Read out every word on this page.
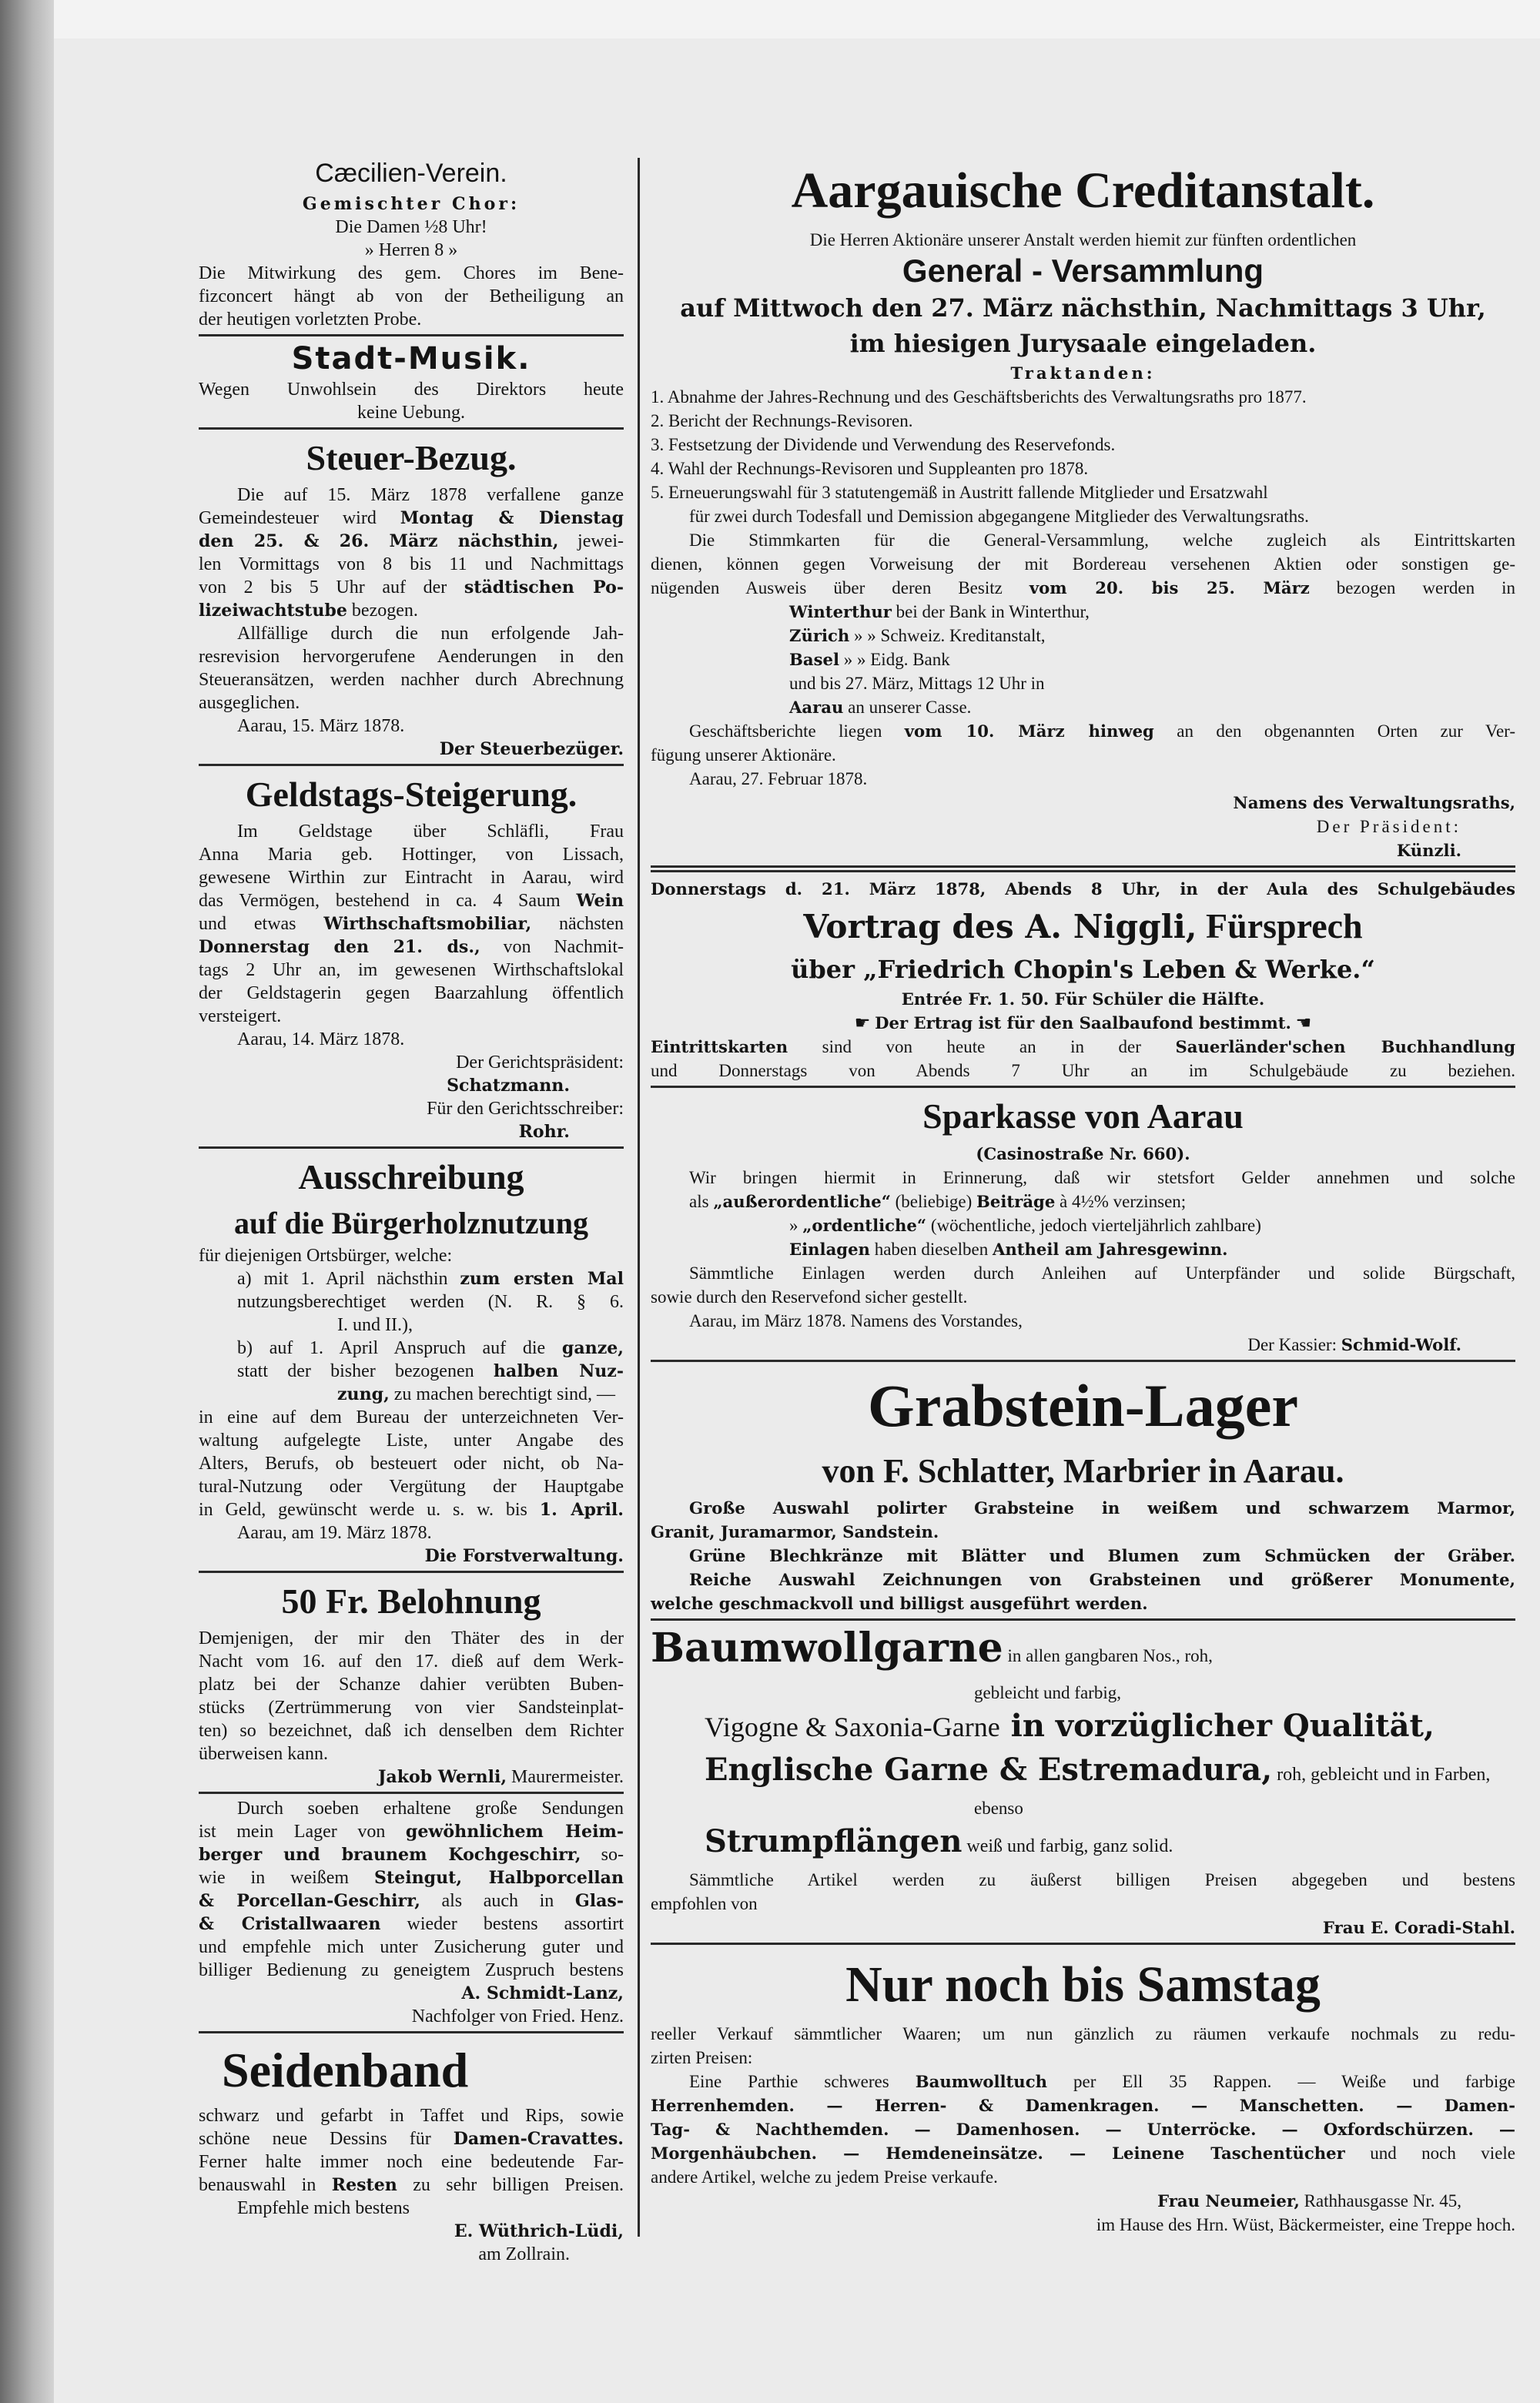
Cæcilien-Verein.
Gemischter Chor:
Die Damen ½8 Uhr!
» Herren 8 »
Die Mitwirkung des gem. Chores im Bene-
fizconcert hängt ab von der Betheiligung an
der heutigen vorletzten Probe.
Stadt-Musik.
Wegen Unwohlsein des Direktors heute
keine Uebung.
Steuer-Bezug.
Die auf 15. März 1878 verfallene ganze
Gemeindesteuer wird Montag & Dienstag
den 25. & 26. März nächsthin, jewei-
len Vormittags von 8 bis 11 und Nachmittags
von 2 bis 5 Uhr auf der städtischen Po-
lizeiwachtstube bezogen.
Allfällige durch die nun erfolgende Jah-
resrevision hervorgerufene Aenderungen in den
Steueransätzen, werden nachher durch Abrechnung
ausgeglichen.
Aarau, 15. März 1878.
Der Steuerbezüger.
Geldstags-Steigerung.
Im Geldstage über Schläfli, Frau
Anna Maria geb. Hottinger, von Lissach,
gewesene Wirthin zur Eintracht in Aarau, wird
das Vermögen, bestehend in ca. 4 Saum Wein
und etwas Wirthschaftsmobiliar, nächsten
Donnerstag den 21. ds., von Nachmit-
tags 2 Uhr an, im gewesenen Wirthschaftslokal
der Geldstagerin gegen Baarzahlung öffentlich
versteigert.
Aarau, 14. März 1878.
Der Gerichtspräsident:
Schatzmann.
Für den Gerichtsschreiber:
Rohr.
Ausschreibung
auf die Bürgerholznutzung
für diejenigen Ortsbürger, welche:
a) mit 1. April nächsthin zum ersten Mal
nutzungsberechtiget werden (N. R. § 6.
I. und II.),
b) auf 1. April Anspruch auf die ganze,
statt der bisher bezogenen halben Nuz-
zung, zu machen berechtigt sind, —
in eine auf dem Bureau der unterzeichneten Ver-
waltung aufgelegte Liste, unter Angabe des
Alters, Berufs, ob besteuert oder nicht, ob Na-
tural-Nutzung oder Vergütung der Hauptgabe
in Geld, gewünscht werde u. s. w. bis 1. April.
Aarau, am 19. März 1878.
Die Forstverwaltung.
50 Fr. Belohnung
Demjenigen, der mir den Thäter des in der
Nacht vom 16. auf den 17. dieß auf dem Werk-
platz bei der Schanze dahier verübten Buben-
stücks (Zertrümmerung von vier Sandsteinplat-
ten) so bezeichnet, daß ich denselben dem Richter
überweisen kann.
Jakob Wernli, Maurermeister.
Durch soeben erhaltene große Sendungen
ist mein Lager von gewöhnlichem Heim-
berger und braunem Kochgeschirr, so-
wie in weißem Steingut, Halbporcellan
& Porcellan-Geschirr, als auch in Glas-
& Cristallwaaren wieder bestens assortirt
und empfehle mich unter Zusicherung guter und
billiger Bedienung zu geneigtem Zuspruch bestens
A. Schmidt-Lanz,
Nachfolger von Fried. Henz.
Seidenband
schwarz und gefarbt in Taffet und Rips, sowie
schöne neue Dessins für Damen-Cravattes.
Ferner halte immer noch eine bedeutende Far-
benauswahl in Resten zu sehr billigen Preisen.
Empfehle mich bestens
E. Wüthrich-Lüdi,
am Zollrain.
Aargauische Creditanstalt.
Die Herren Aktionäre unserer Anstalt werden hiemit zur fünften ordentlichen
General - Versammlung
auf Mittwoch den 27. März nächsthin, Nachmittags 3 Uhr,
im hiesigen Jurysaale eingeladen.
Traktanden:
1. Abnahme der Jahres-Rechnung und des Geschäftsberichts des Verwaltungsraths pro 1877.
2. Bericht der Rechnungs-Revisoren.
3. Festsetzung der Dividende und Verwendung des Reservefonds.
4. Wahl der Rechnungs-Revisoren und Suppleanten pro 1878.
5. Erneuerungswahl für 3 statutengemäß in Austritt fallende Mitglieder und Ersatzwahl
für zwei durch Todesfall und Demission abgegangene Mitglieder des Verwaltungsraths.
Die Stimmkarten für die General-Versammlung, welche zugleich als Eintrittskarten
dienen, können gegen Vorweisung der mit Bordereau versehenen Aktien oder sonstigen ge-
nügenden Ausweis über deren Besitz vom 20. bis 25. März bezogen werden in
Winterthur bei der Bank in Winterthur,
Zürich » » Schweiz. Kreditanstalt,
Basel » » Eidg. Bank
und bis 27. März, Mittags 12 Uhr in
Aarau an unserer Casse.
Geschäftsberichte liegen vom 10. März hinweg an den obgenannten Orten zur Ver-
fügung unserer Aktionäre.
Aarau, 27. Februar 1878.
Namens des Verwaltungsraths,
Der Präsident:
Künzli.
Donnerstags d. 21. März 1878, Abends 8 Uhr, in der Aula des Schulgebäudes
Vortrag des A. Niggli, Fürsprech
über „Friedrich Chopin's Leben & Werke.“
Entrée Fr. 1. 50. Für Schüler die Hälfte.
☛ Der Ertrag ist für den Saalbaufond bestimmt. ☚
Eintrittskarten sind von heute an in der Sauerländer'schen Buchhandlung
und Donnerstags von Abends 7 Uhr an im Schulgebäude zu beziehen.
Sparkasse von Aarau
(Casinostraße Nr. 660).
Wir bringen hiermit in Erinnerung, daß wir stetsfort Gelder annehmen und solche
als „außerordentliche“ (beliebige) Beiträge à 4½% verzinsen;
» „ordentliche“ (wöchentliche, jedoch vierteljährlich zahlbare)
Einlagen haben dieselben Antheil am Jahresgewinn.
Sämmtliche Einlagen werden durch Anleihen auf Unterpfänder und solide Bürgschaft,
sowie durch den Reservefond sicher gestellt.
Aarau, im März 1878. Namens des Vorstandes,
Der Kassier: Schmid-Wolf.
Grabstein-Lager
von F. Schlatter, Marbrier in Aarau.
Große Auswahl polirter Grabsteine in weißem und schwarzem Marmor,
Granit, Juramarmor, Sandstein.
Grüne Blechkränze mit Blätter und Blumen zum Schmücken der Gräber.
Reiche Auswahl Zeichnungen von Grabsteinen und größerer Monumente,
welche geschmackvoll und billigst ausgeführt werden.
Baumwollgarne in allen gangbaren Nos., roh,
gebleicht und farbig,
Vigogne & Saxonia-Garne in vorzüglicher Qualität,
Englische Garne & Estremadura, roh, gebleicht und in Farben,
ebenso
Strumpflängen weiß und farbig, ganz solid.
Sämmtliche Artikel werden zu äußerst billigen Preisen abgegeben und bestens
empfohlen von
Frau E. Coradi-Stahl.
Nur noch bis Samstag
reeller Verkauf sämmtlicher Waaren; um nun gänzlich zu räumen verkaufe nochmals zu redu-
zirten Preisen:
Eine Parthie schweres Baumwolltuch per Ell 35 Rappen. — Weiße und farbige
Herrenhemden. — Herren- & Damenkragen. — Manschetten. — Damen-
Tag- & Nachthemden. — Damenhosen. — Unterröcke. — Oxfordschürzen. —
Morgenhäubchen. — Hemdeneinsätze. — Leinene Taschentücher und noch viele
andere Artikel, welche zu jedem Preise verkaufe.
Frau Neumeier, Rathhausgasse Nr. 45,
im Hause des Hrn. Wüst, Bäckermeister, eine Treppe hoch.
